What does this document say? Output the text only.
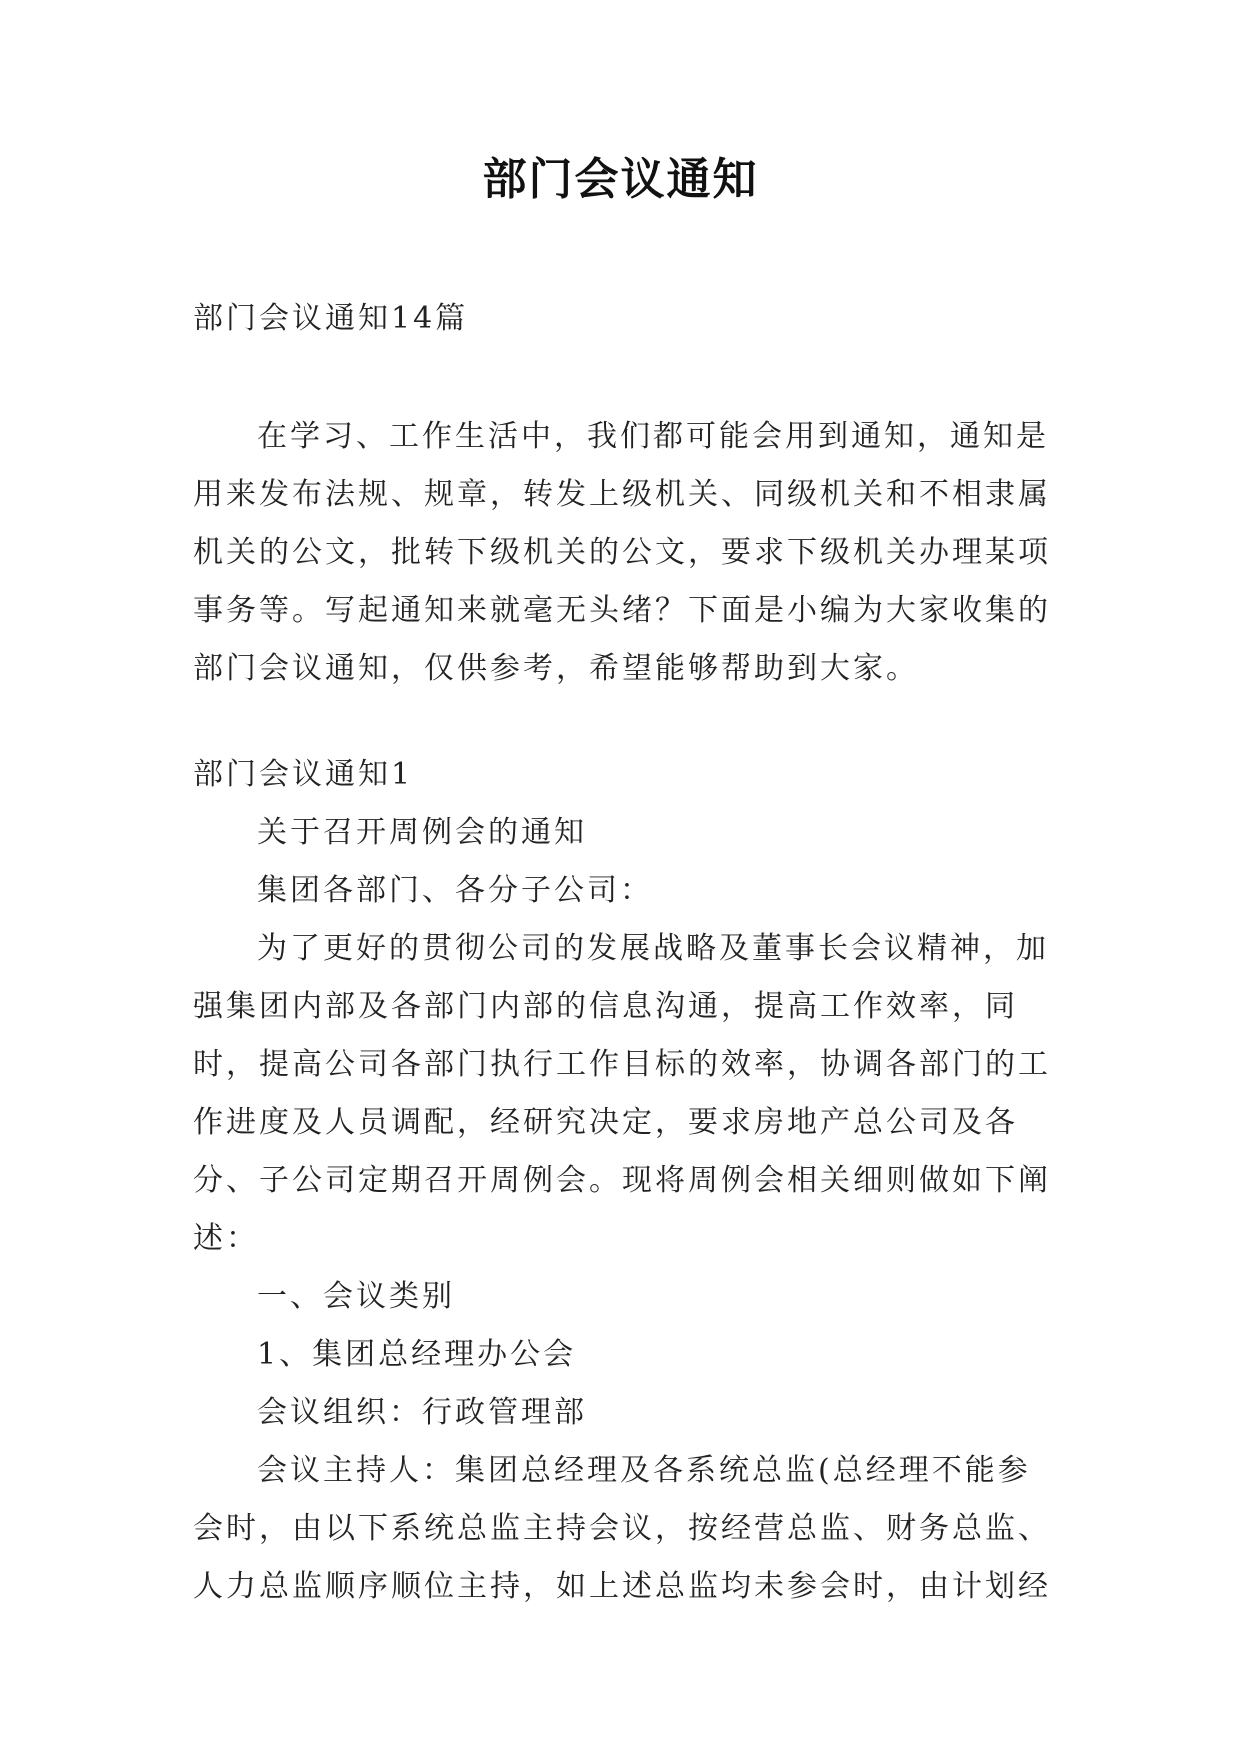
部门会议通知

部门会议通知14篇

在学习、工作生活中，我们都可能会用到通知，通知是用来发布法规、规章，转发上级机关、同级机关和不相隶属机关的公文，批转下级机关的公文，要求下级机关办理某项事务等。写起通知来就毫无头绪？下面是小编为大家收集的部门会议通知，仅供参考，希望能够帮助到大家。

部门会议通知1

关于召开周例会的通知

集团各部门、各分子公司：

为了更好的贯彻公司的发展战略及董事长会议精神，加强集团内部及各部门内部的信息沟通，提高工作效率，同时，提高公司各部门执行工作目标的效率，协调各部门的工作进度及人员调配，经研究决定，要求房地产总公司及各分、子公司定期召开周例会。现将周例会相关细则做如下阐述：

一、会议类别

1、集团总经理办公会

会议组织：行政管理部

会议主持人：集团总经理及各系统总监(总经理不能参会时，由以下系统总监主持会议，按经营总监、财务总监、人力总监顺序顺位主持，如上述总监均未参会时，由计划经
